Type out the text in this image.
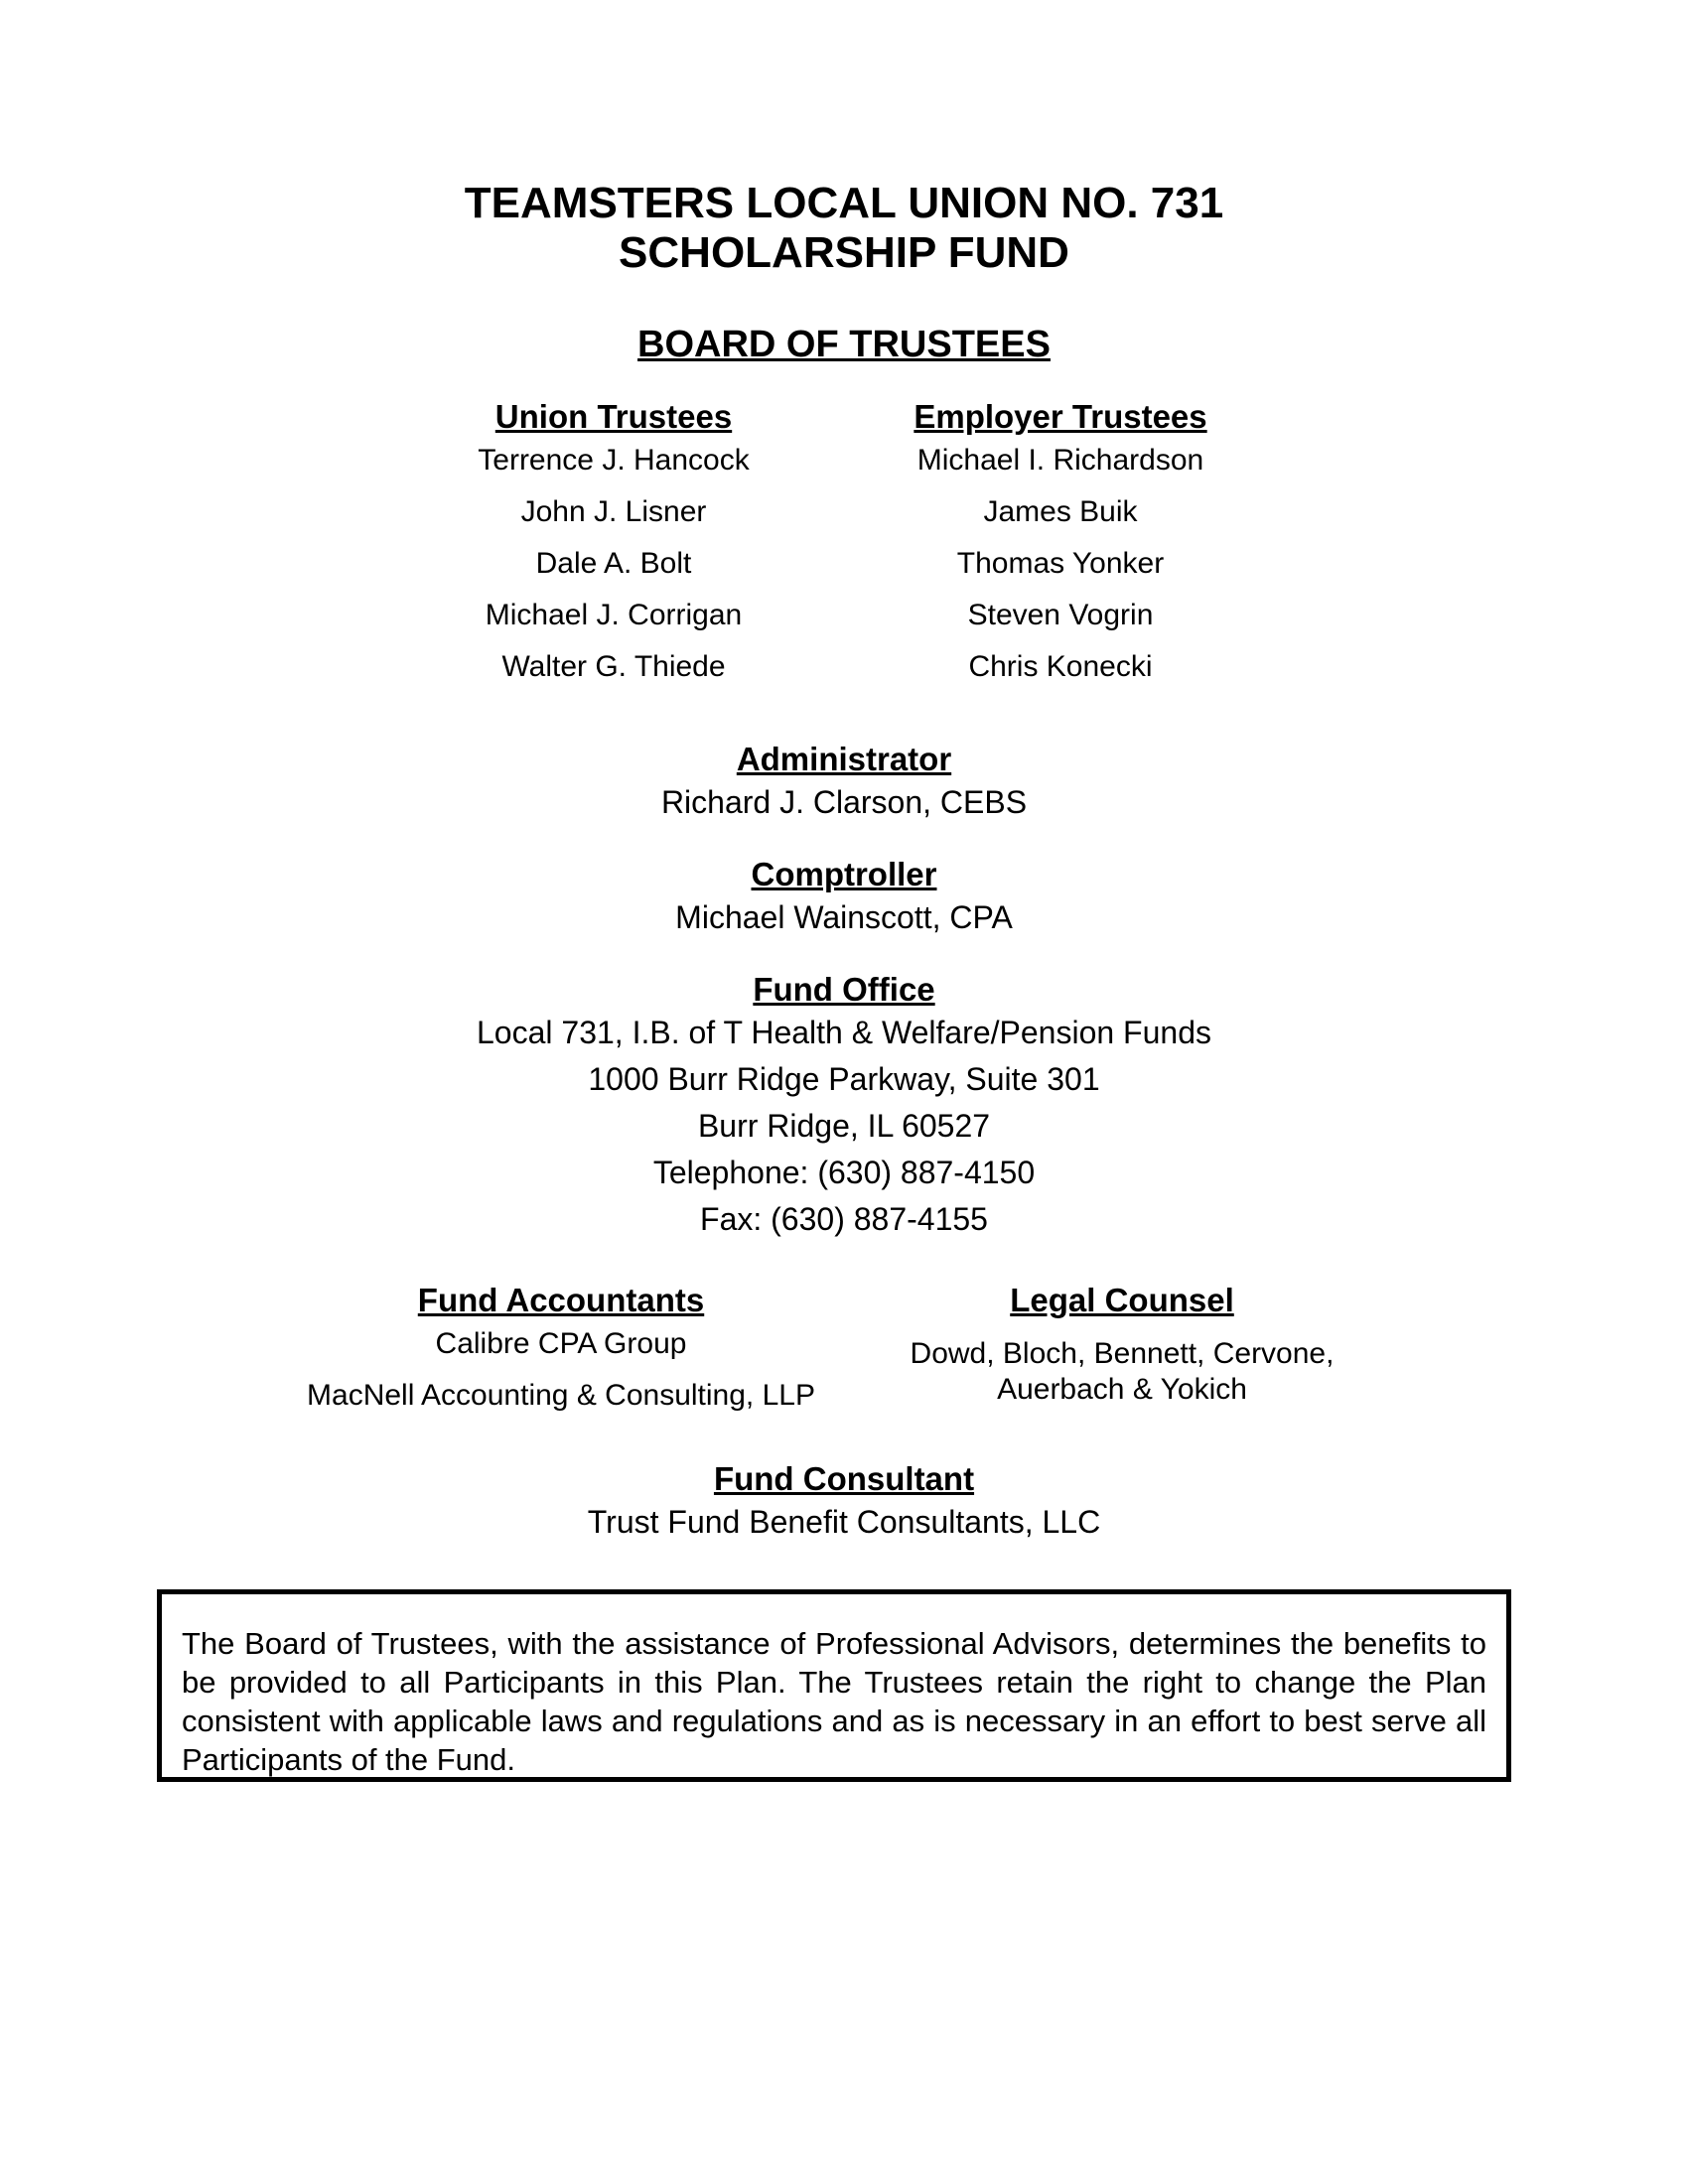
TEAMSTERS LOCAL UNION NO. 731
SCHOLARSHIP FUND
BOARD OF TRUSTEES
Union Trustees
Terrence J. Hancock
John J. Lisner
Dale A. Bolt
Michael J. Corrigan
Walter G. Thiede
Employer Trustees
Michael I. Richardson
James Buik
Thomas Yonker
Steven Vogrin
Chris Konecki
Administrator
Richard J. Clarson, CEBS
Comptroller
Michael Wainscott, CPA
Fund Office
Local 731, I.B. of T Health & Welfare/Pension Funds
1000 Burr Ridge Parkway, Suite 301
Burr Ridge, IL 60527
Telephone: (630) 887-4150
Fax: (630) 887-4155
Fund Accountants
Calibre CPA Group
MacNell Accounting & Consulting, LLP
Legal Counsel
Dowd, Bloch, Bennett, Cervone,
Auerbach & Yokich
Fund Consultant
Trust Fund Benefit Consultants, LLC
The Board of Trustees, with the assistance of Professional Advisors, determines the benefits to be provided to all Participants in this Plan. The Trustees retain the right to change the Plan consistent with applicable laws and regulations and as is necessary in an effort to best serve all Participants of the Fund.
